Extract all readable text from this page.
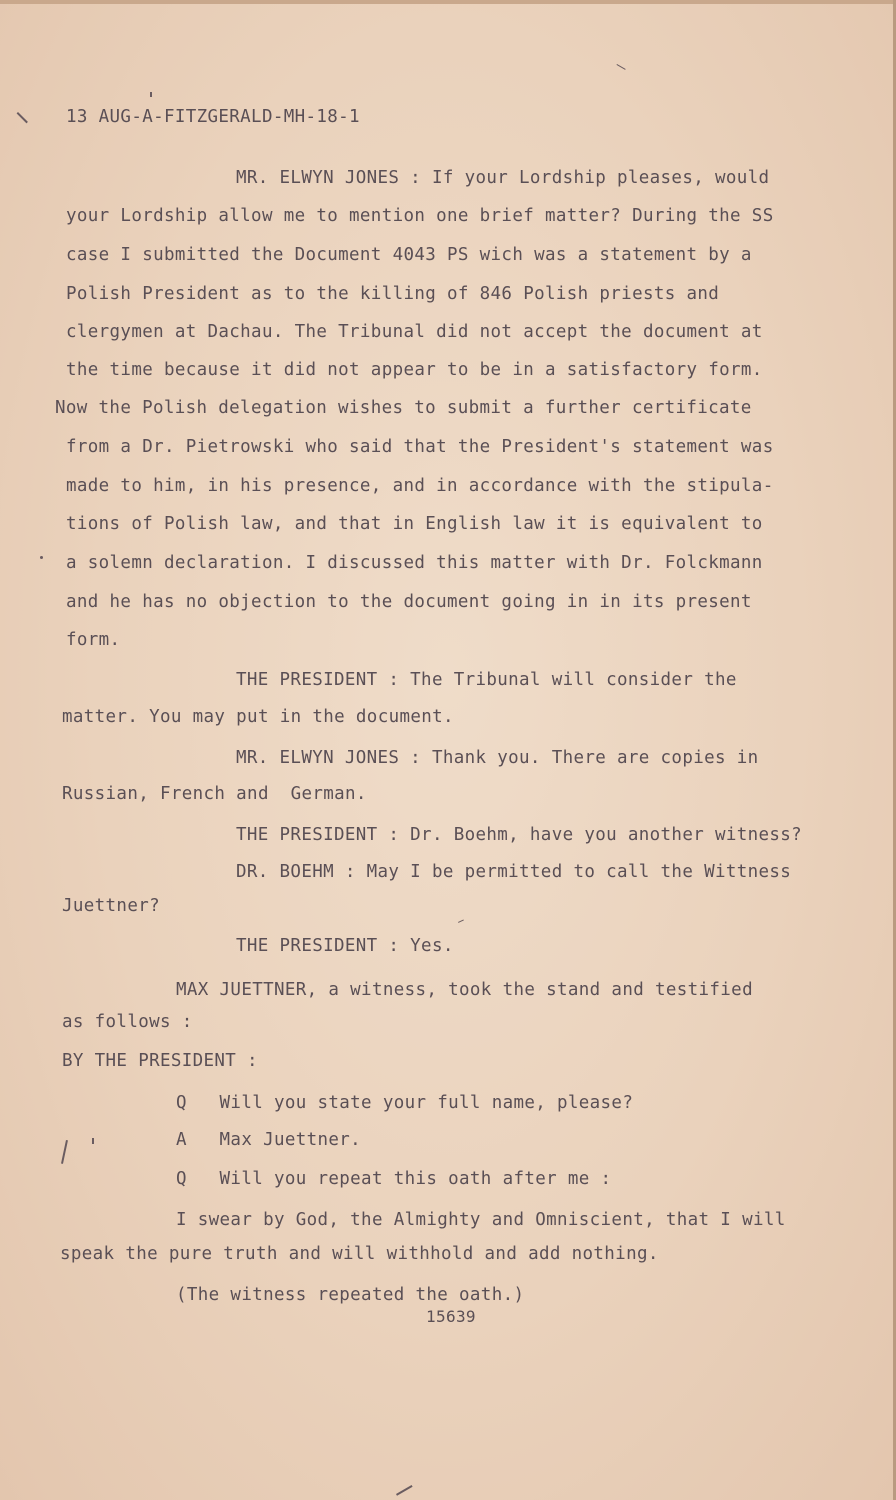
13 AUG-A-FITZGERALD-MH-18-1
MR. ELWYN JONES : If your Lordship pleases, would
your Lordship allow me to mention one brief matter? During the SS
case I submitted the Document 4043 PS wich was a statement by a
Polish President as to the killing of 846 Polish priests and
clergymen at Dachau. The Tribunal did not accept the document at
the time because it did not appear to be in a satisfactory form.
Now the Polish delegation wishes to submit a further certificate
from a Dr. Pietrowski who said that the President's statement was
made to him, in his presence, and in accordance with the stipula-
tions of Polish law, and that in English law it is equivalent to
a solemn declaration. I discussed this matter with Dr. Folckmann
and he has no objection to the document going in in its present
form.
THE PRESIDENT : The Tribunal will consider the
matter. You may put in the document.
MR. ELWYN JONES : Thank you. There are copies in
Russian, French and  German.
THE PRESIDENT : Dr. Boehm, have you another witness?
DR. BOEHM : May I be permitted to call the Wittness
Juettner?
THE PRESIDENT : Yes.
MAX JUETTNER, a witness, took the stand and testified
as follows :
BY THE PRESIDENT :
Q   Will you state your full name, please?
A   Max Juettner.
Q   Will you repeat this oath after me :
I swear by God, the Almighty and Omniscient, that I will
speak the pure truth and will withhold and add nothing.
(The witness repeated the oath.)
15639
